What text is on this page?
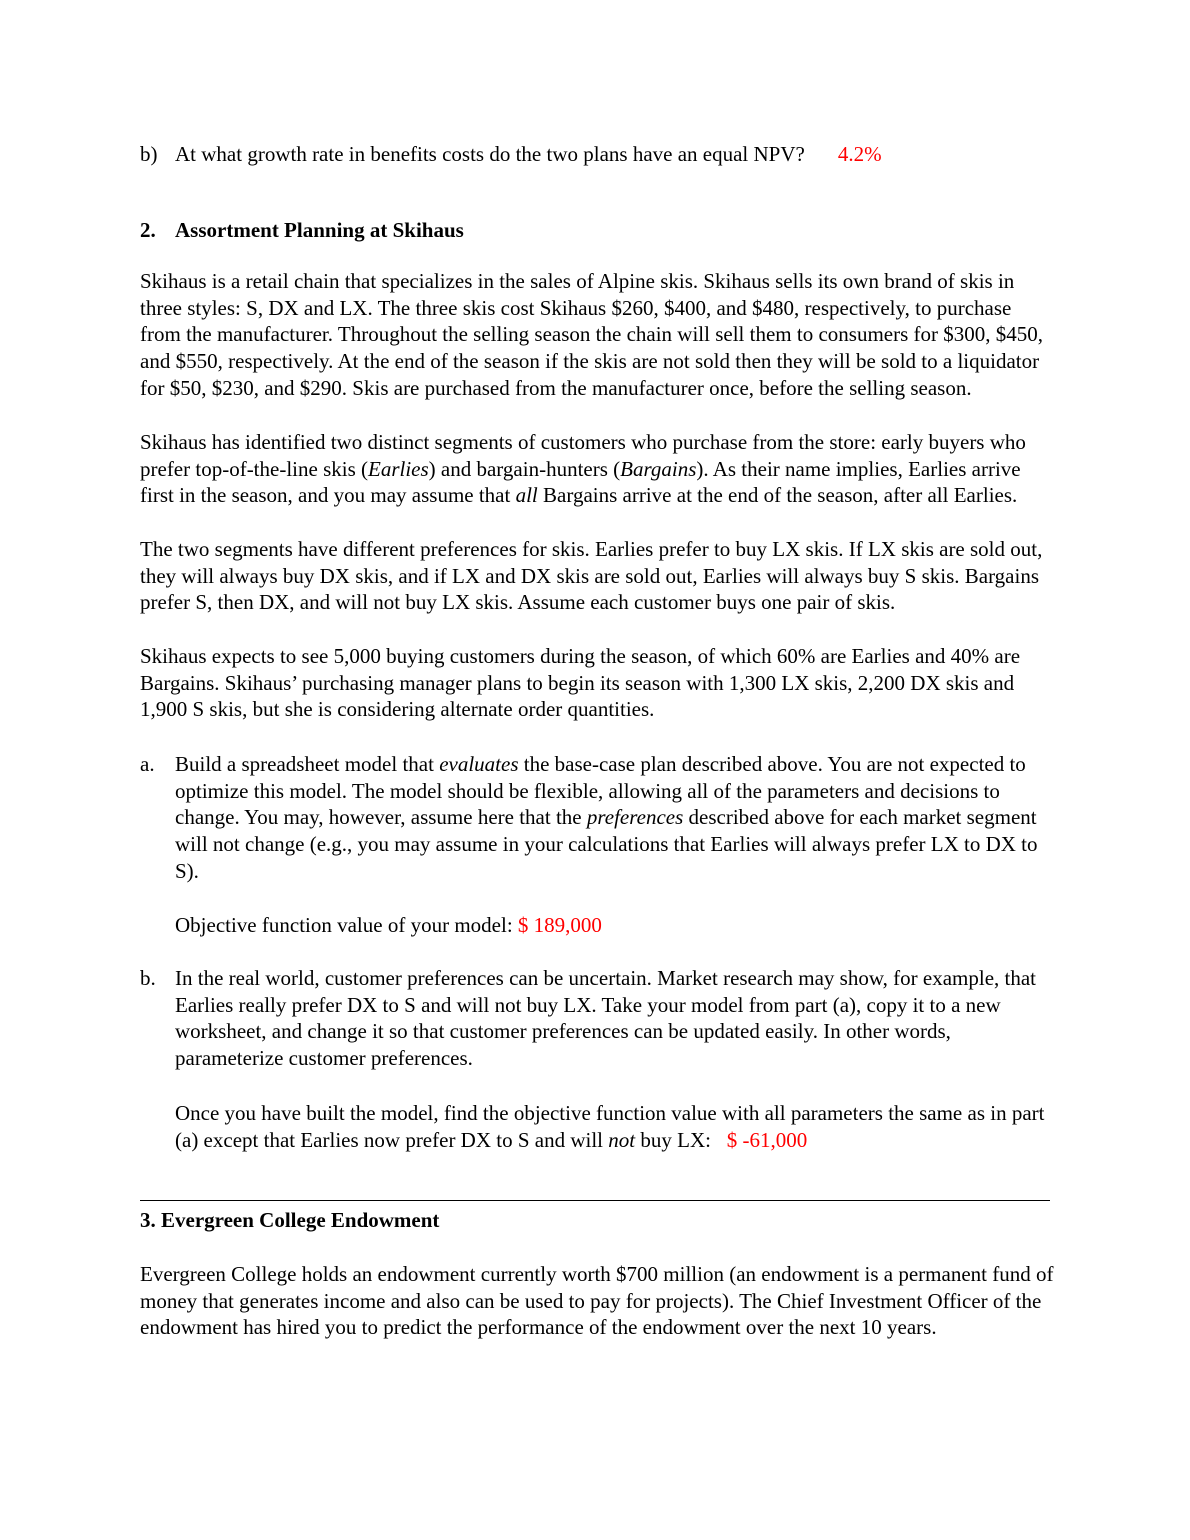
b) At what growth rate in benefits costs do the two plans have an equal NPV? 4.2%
2. Assortment Planning at Skihaus
Skihaus is a retail chain that specializes in the sales of Alpine skis. Skihaus sells its own brand of skis in three styles: S, DX and LX. The three skis cost Skihaus $260, $400, and $480, respectively, to purchase from the manufacturer. Throughout the selling season the chain will sell them to consumers for $300, $450, and $550, respectively. At the end of the season if the skis are not sold then they will be sold to a liquidator for $50, $230, and $290. Skis are purchased from the manufacturer once, before the selling season.
Skihaus has identified two distinct segments of customers who purchase from the store: early buyers who prefer top-of-the-line skis (Earlies) and bargain-hunters (Bargains). As their name implies, Earlies arrive first in the season, and you may assume that all Bargains arrive at the end of the season, after all Earlies.
The two segments have different preferences for skis. Earlies prefer to buy LX skis. If LX skis are sold out, they will always buy DX skis, and if LX and DX skis are sold out, Earlies will always buy S skis. Bargains prefer S, then DX, and will not buy LX skis. Assume each customer buys one pair of skis.
Skihaus expects to see 5,000 buying customers during the season, of which 60% are Earlies and 40% are Bargains. Skihaus’ purchasing manager plans to begin its season with 1,300 LX skis, 2,200 DX skis and 1,900 S skis, but she is considering alternate order quantities.
a. Build a spreadsheet model that evaluates the base-case plan described above. You are not expected to optimize this model. The model should be flexible, allowing all of the parameters and decisions to change. You may, however, assume here that the preferences described above for each market segment will not change (e.g., you may assume in your calculations that Earlies will always prefer LX to DX to S).
Objective function value of your model: $ 189,000
b. In the real world, customer preferences can be uncertain. Market research may show, for example, that Earlies really prefer DX to S and will not buy LX. Take your model from part (a), copy it to a new worksheet, and change it so that customer preferences can be updated easily. In other words, parameterize customer preferences.
Once you have built the model, find the objective function value with all parameters the same as in part (a) except that Earlies now prefer DX to S and will not buy LX:   $ -61,000
3. Evergreen College Endowment
Evergreen College holds an endowment currently worth $700 million (an endowment is a permanent fund of money that generates income and also can be used to pay for projects). The Chief Investment Officer of the endowment has hired you to predict the performance of the endowment over the next 10 years.
